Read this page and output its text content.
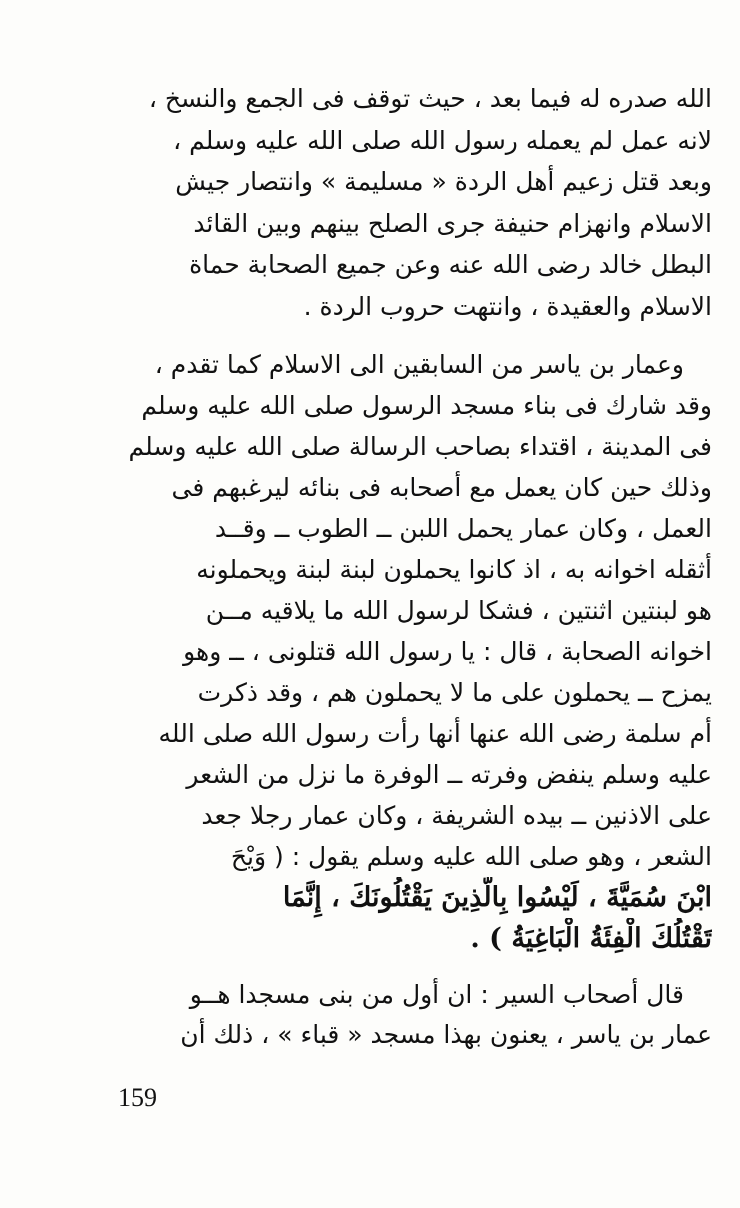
الله صدره له فيما بعد ، حيث توقف فى الجمع والنسخ ،
لانه عمل لم يعمله رسول الله صلى الله عليه وسلم ،
وبعد قتل زعيم أهل الردة « مسليمة » وانتصار جيش
الاسلام وانهزام حنيفة جرى الصلح بينهم وبين القائد
البطل خالد رضى الله عنه وعن جميع الصحابة حماة
الاسلام والعقيدة ، وانتهت حروب الردة .
وعمار بن ياسر من السابقين الى الاسلام كما تقدم ،
وقد شارك فى بناء مسجد الرسول صلى الله عليه وسلم
فى المدينة ، اقتداء بصاحب الرسالة صلى الله عليه وسلم
وذلك حين كان يعمل مع أصحابه فى بنائه ليرغبهم فى
العمل ، وكان عمار يحمل اللبن ــ الطوب ــ وقــد
أثقله اخوانه به ، اذ كانوا يحملون لبنة لبنة ويحملونه
هو لبنتين اثنتين ، فشكا لرسول الله ما يلاقيه مــن
اخوانه الصحابة ، قال : يا رسول الله قتلونى ، ــ وهو
يمزح ــ يحملون على ما لا يحملون هم ، وقد ذكرت
أم سلمة رضى الله عنها أنها رأت رسول الله صلى الله
عليه وسلم ينفض وفرته ــ الوفرة ما نزل من الشعر
على الاذنين ــ بيده الشريفة ، وكان عمار رجلا جعد
الشعر ، وهو صلى الله عليه وسلم يقول : ( وَيْحَ
ابْنَ سُمَيَّةَ ، لَيْسُوا بِالَّذِينَ يَقْتُلُونَكَ ، إِنَّمَا
تَقْتُلُكَ الْفِئَةُ الْبَاغِيَةُ ) .
قال أصحاب السير : ان أول من بنى مسجدا هــو
عمار بن ياسر ، يعنون بهذا مسجد « قباء » ، ذلك أن
159
